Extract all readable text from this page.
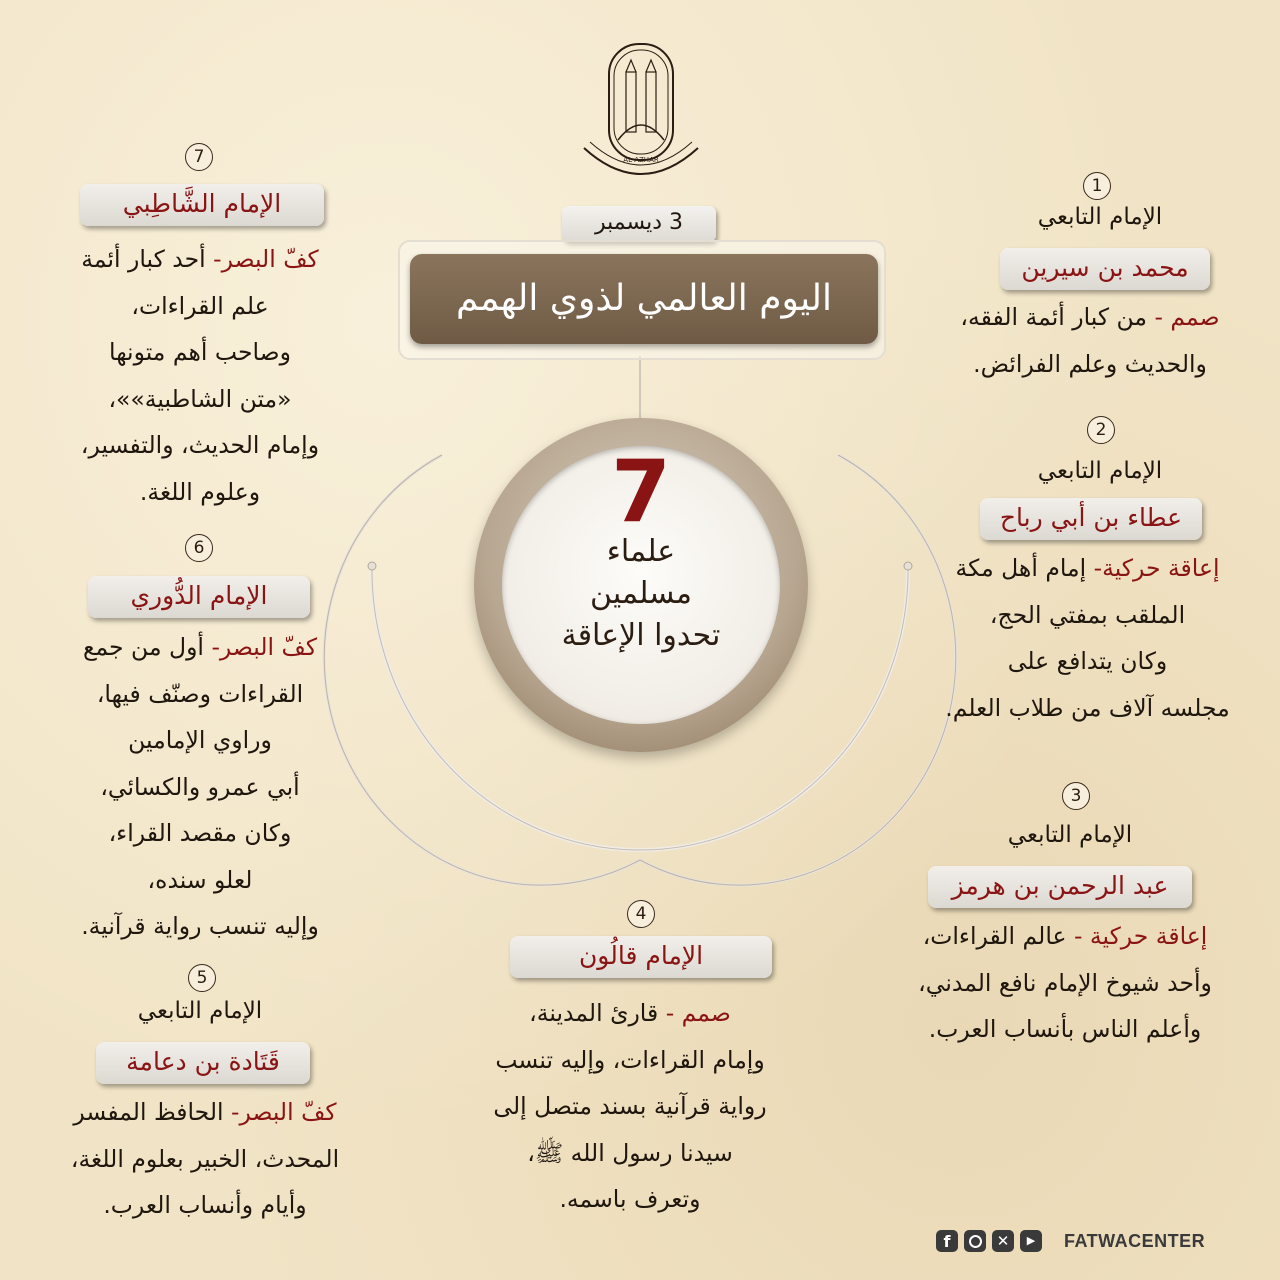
AL-AZHAR
3 ديسمبر
اليوم العالمي لذوي الهمم
7
علماء
مسلمين
تحدوا الإعاقة
1
الإمام التابعي
محمد بن سيرين
صمم - من كبار أئمة الفقه،
والحديث وعلم الفرائض.
2
الإمام التابعي
عطاء بن أبي رباح
إعاقة حركية- إمام أهل مكة
الملقب بمفتي الحج،
وكان يتدافع على
مجلسه آلاف من طلاب العلم.
3
الإمام التابعي
عبد الرحمن بن هرمز
إعاقة حركية - عالم القراءات،
وأحد شيوخ الإمام نافع المدني،
وأعلم الناس بأنساب العرب.
4
الإمام قالُون
صمم - قارئ المدينة،
وإمام القراءات، وإليه تنسب
رواية قرآنية بسند متصل إلى
سيدنا رسول الله ﷺ،
وتعرف باسمه.
5
الإمام التابعي
قَتَادة بن دعامة
كفّ البصر- الحافظ المفسر
المحدث، الخبير بعلوم اللغة،
وأيام وأنساب العرب.
6
الإمام الدُّوري
كفّ البصر- أول من جمع
القراءات وصنّف فيها،
وراوي الإمامين
أبي عمرو والكسائي،
وكان مقصد القراء،
لعلو سنده،
وإليه تنسب رواية قرآنية.
7
الإمام الشَّاطِبي
كفّ البصر- أحد كبار أئمة
علم القراءات،
وصاحب أهم متونها
«متن الشاطبية»»،
وإمام الحديث، والتفسير،
وعلوم اللغة.
f	✕	▶	FATWACENTER
